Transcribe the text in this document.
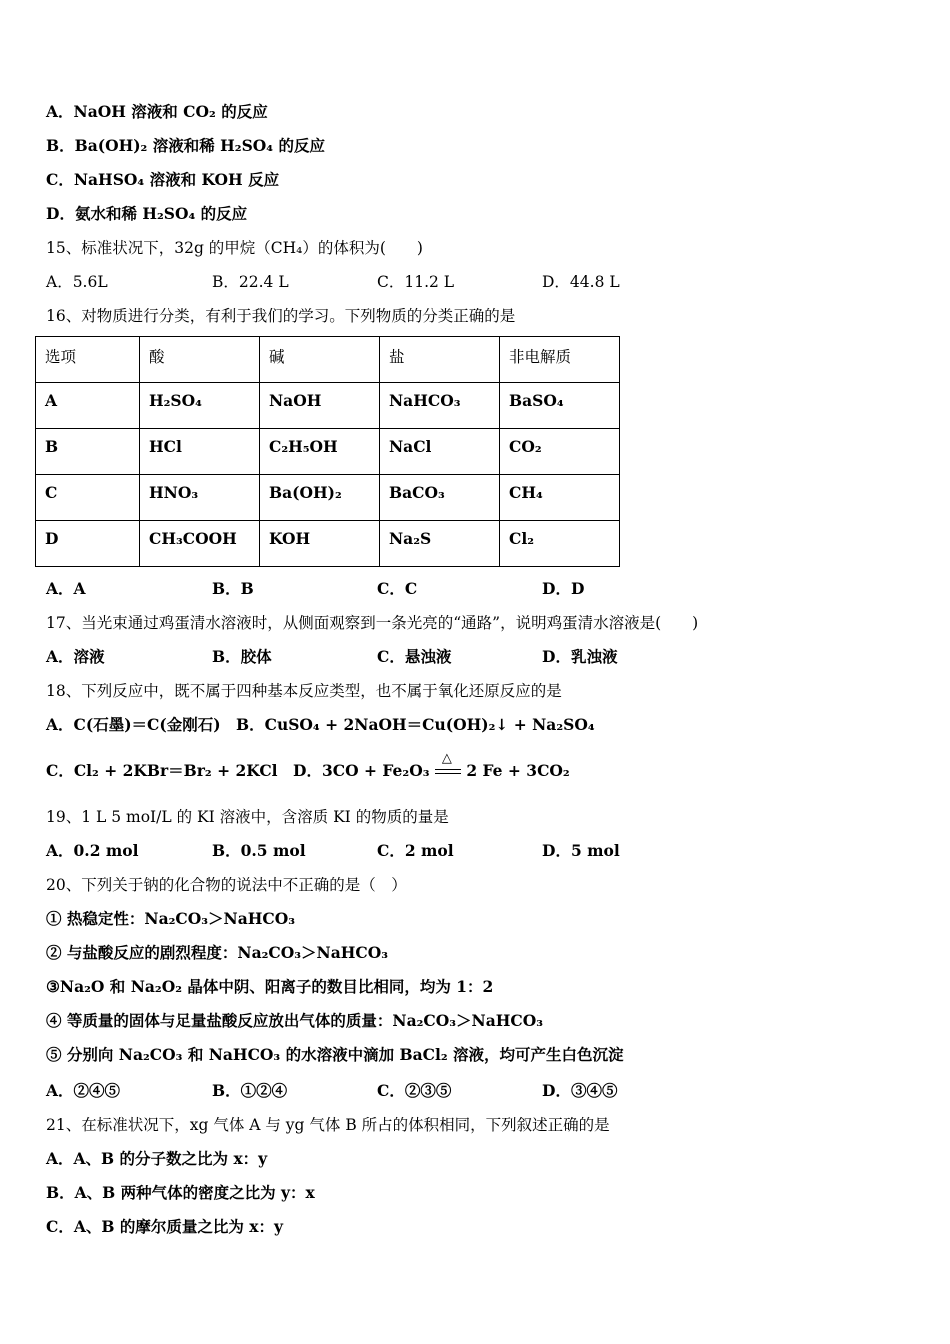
A．NaOH 溶液和 CO₂ 的反应
B．Ba(OH)₂ 溶液和稀 H₂SO₄ 的反应
C．NaHSO₄ 溶液和 KOH 反应
D．氨水和稀 H₂SO₄ 的反应
15、标准状况下，32g 的甲烷（CH₄）的体积为(　　)
A．5.6L	B．22.4 L	C．11.2 L	D．44.8 L
16、对物质进行分类，有利于我们的学习。下列物质的分类正确的是
选项	酸	碱	盐	非电解质
A	H₂SO₄	NaOH	NaHCO₃	BaSO₄
B	HCl	C₂H₅OH	NaCl	CO₂
C	HNO₃	Ba(OH)₂	BaCO₃	CH₄
D	CH₃COOH	KOH	Na₂S	Cl₂
A．A	B．B	C．C	D．D
17、当光束通过鸡蛋清水溶液时，从侧面观察到一条光亮的“通路”，说明鸡蛋清水溶液是(　　)
A．溶液	B．胶体	C．悬浊液	D．乳浊液
18、下列反应中，既不属于四种基本反应类型，也不属于氧化还原反应的是
A．C(石墨)＝C(金刚石)　B．CuSO₄ + 2NaOH＝Cu(OH)₂↓ + Na₂SO₄
C．Cl₂ + 2KBr＝Br₂ + 2KCl　D．3CO + Fe₂O₃
△
2 Fe + 3CO₂
19、1 L 5 moI/L 的 KI 溶液中，含溶质 KI 的物质的量是
A．0.2 mol	B．0.5 mol	C．2 mol	D．5 mol
20、下列关于钠的化合物的说法中不正确的是（　）
① 热稳定性：Na₂CO₃＞NaHCO₃
② 与盐酸反应的剧烈程度：Na₂CO₃＞NaHCO₃
③Na₂O 和 Na₂O₂ 晶体中阴、阳离子的数目比相同，均为 1：2
④ 等质量的固体与足量盐酸反应放出气体的质量：Na₂CO₃＞NaHCO₃
⑤ 分别向 Na₂CO₃ 和 NaHCO₃ 的水溶液中滴加 BaCl₂ 溶液，均可产生白色沉淀
A．②④⑤	B．①②④	C．②③⑤	D．③④⑤
21、在标准状况下，xg 气体 A 与 yg 气体 B 所占的体积相同，下列叙述正确的是
A．A、B 的分子数之比为 x：y
B．A、B 两种气体的密度之比为 y：x
C．A、B 的摩尔质量之比为 x：y
